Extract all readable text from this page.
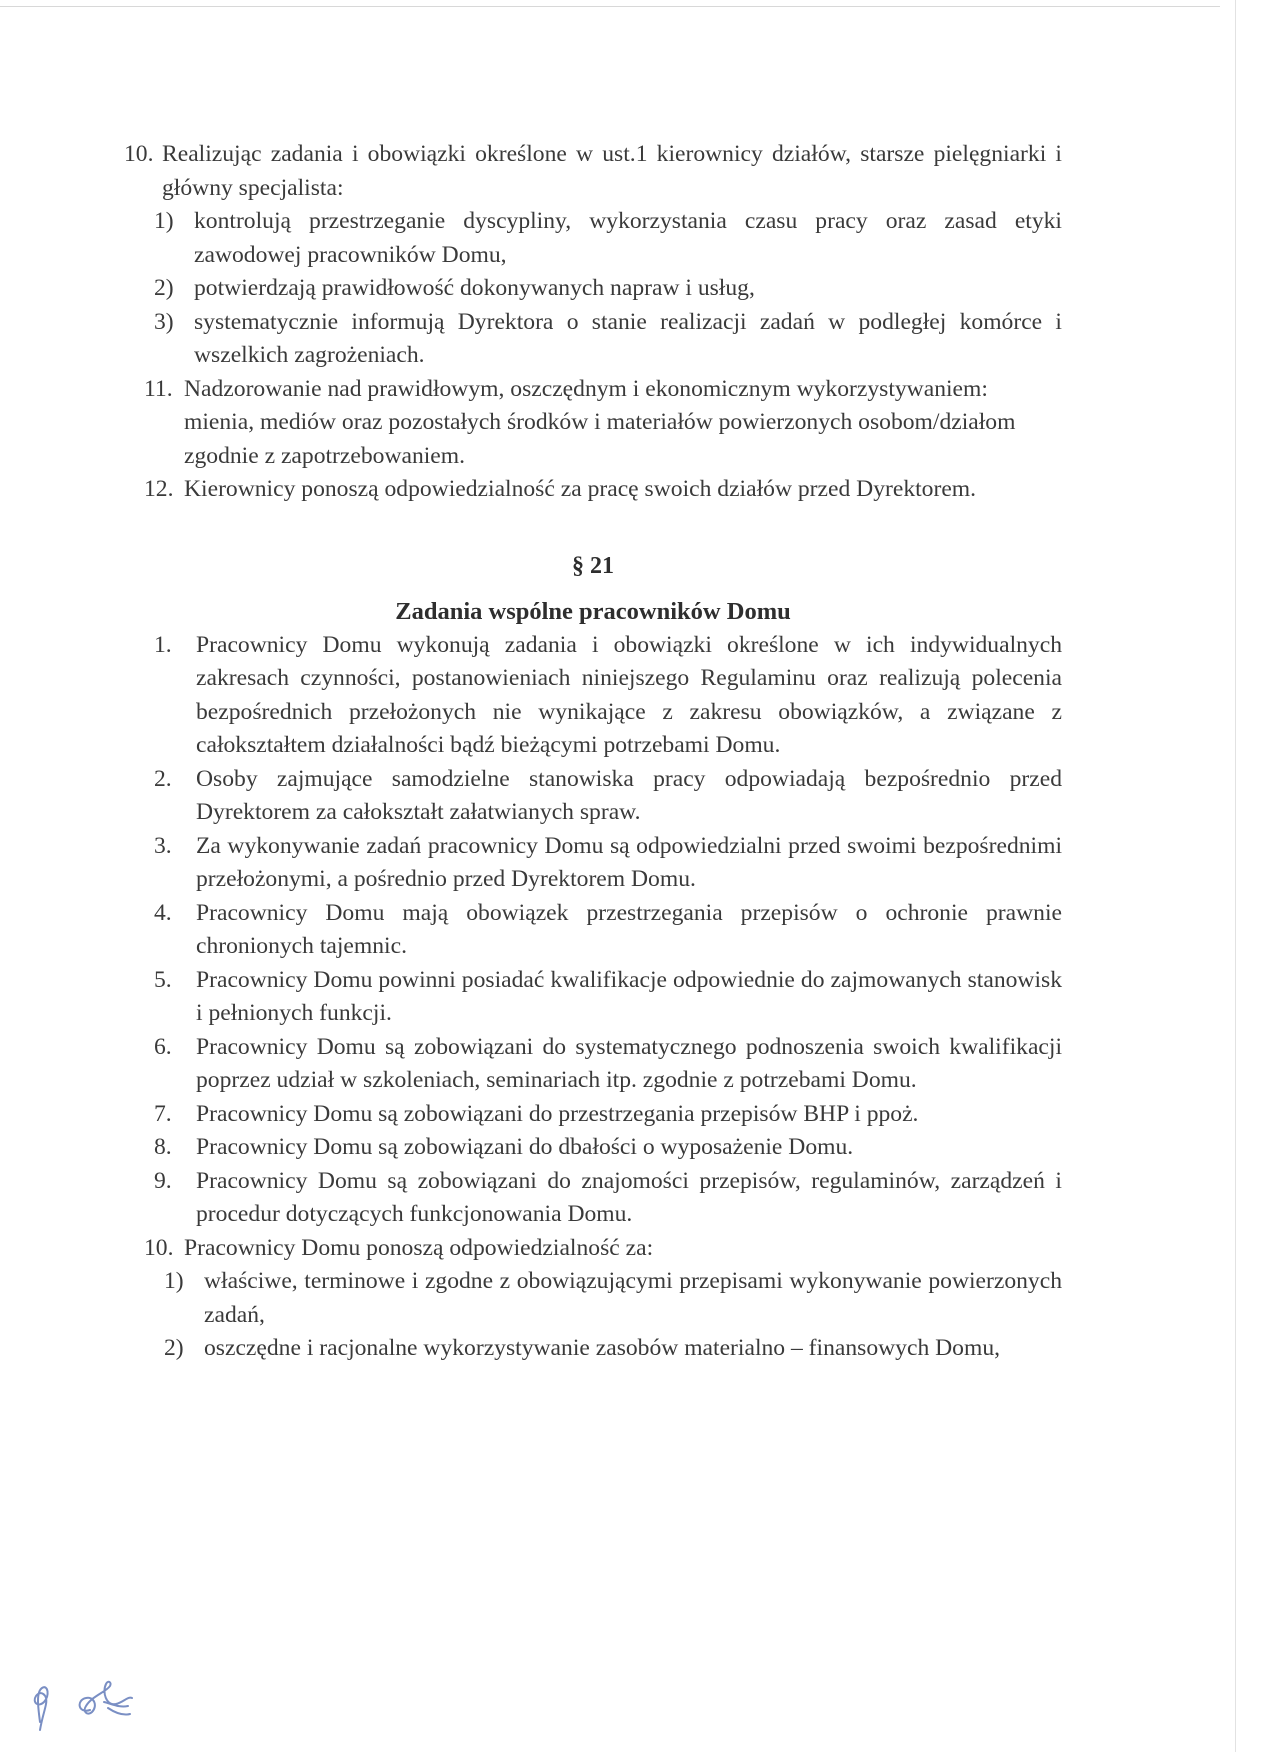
10. Realizując zadania i obowiązki określone w ust.1 kierownicy działów, starsze pielęgniarki i główny specjalista:
1) kontrolują przestrzeganie dyscypliny, wykorzystania czasu pracy oraz zasad etyki zawodowej pracowników Domu,
2) potwierdzają prawidłowość dokonywanych napraw i usług,
3) systematycznie informują Dyrektora o stanie realizacji zadań w podległej komórce i wszelkich zagrożeniach.
11. Nadzorowanie nad prawidłowym, oszczędnym i ekonomicznym wykorzystywaniem: mienia, mediów oraz pozostałych środków i materiałów powierzonych osobom/działom zgodnie z zapotrzebowaniem.
12. Kierownicy ponoszą odpowiedzialność za pracę swoich działów przed Dyrektorem.
§ 21
Zadania wspólne pracowników Domu
1.	Pracownicy Domu wykonują zadania i obowiązki określone w ich indywidualnych zakresach czynności, postanowieniach niniejszego Regulaminu oraz realizują polecenia bezpośrednich przełożonych nie wynikające z zakresu obowiązków, a związane z całokształtem działalności bądź bieżącymi potrzebami Domu.
2.	Osoby zajmujące samodzielne stanowiska pracy odpowiadają bezpośrednio przed Dyrektorem za całokształt załatwianych spraw.
3.	Za wykonywanie zadań pracownicy Domu są odpowiedzialni przed swoimi bezpośrednimi przełożonymi, a pośrednio przed Dyrektorem Domu.
4.	Pracownicy Domu mają obowiązek przestrzegania przepisów o ochronie prawnie chronionych tajemnic.
5.	Pracownicy Domu powinni posiadać kwalifikacje odpowiednie do zajmowanych stanowisk i pełnionych funkcji.
6.	Pracownicy Domu są zobowiązani do systematycznego podnoszenia swoich kwalifikacji poprzez udział w szkoleniach, seminariach itp. zgodnie z potrzebami Domu.
7.	Pracownicy Domu są zobowiązani do przestrzegania przepisów BHP i ppoż.
8.	Pracownicy Domu są zobowiązani do dbałości o wyposażenie Domu.
9.	Pracownicy Domu są zobowiązani do znajomości przepisów, regulaminów, zarządzeń i procedur dotyczących funkcjonowania Domu.
10. Pracownicy Domu ponoszą odpowiedzialność za:
1) właściwe, terminowe i zgodne z obowiązującymi przepisami wykonywanie powierzonych zadań,
2) oszczędne i racjonalne wykorzystywanie zasobów materialno – finansowych Domu,
